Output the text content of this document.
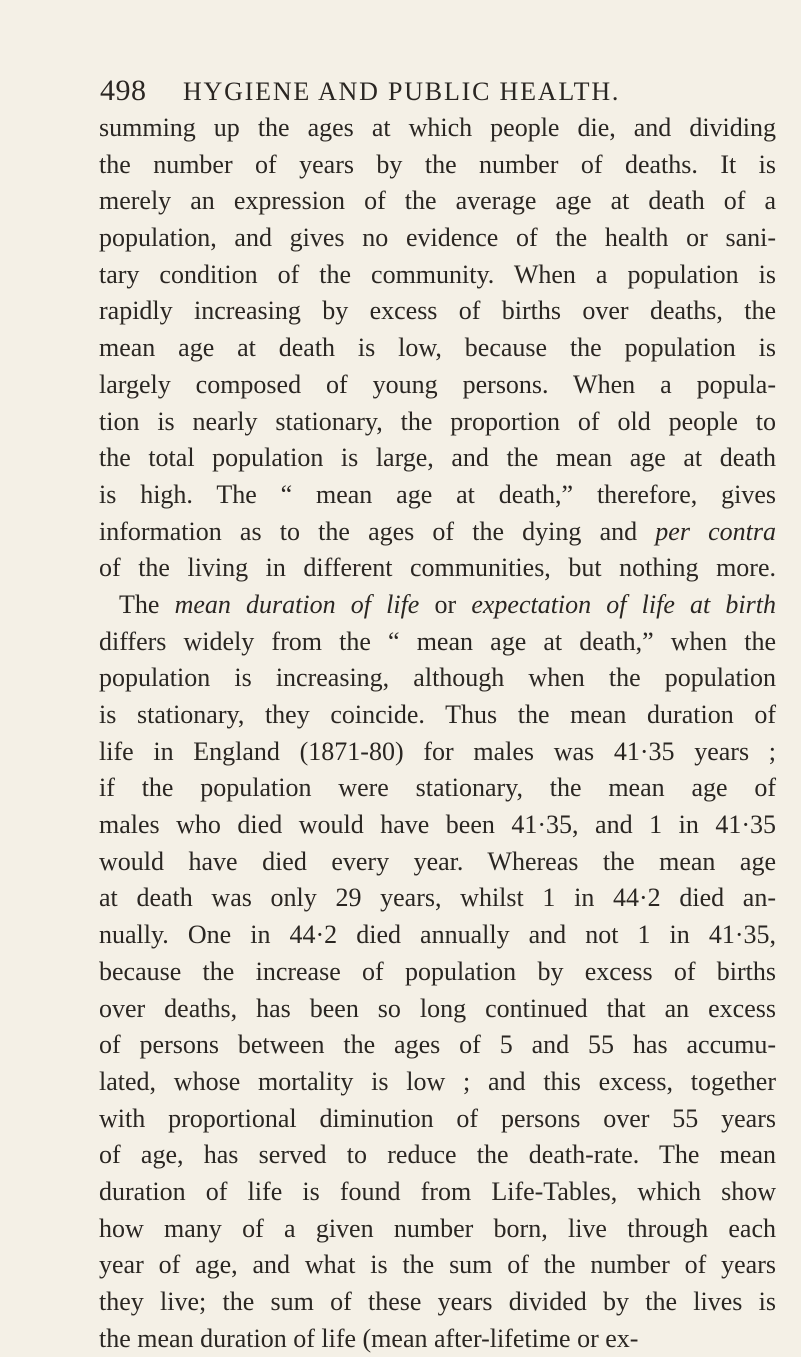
498 HYGIENE AND PUBLIC HEALTH.
summing up the ages at which people die, and dividing
the number of years by the number of deaths. It is
merely an expression of the average age at death of a
population, and gives no evidence of the health or sani-
tary condition of the community. When a population is
rapidly increasing by excess of births over deaths, the
mean age at death is low, because the population is
largely composed of young persons. When a popula-
tion is nearly stationary, the proportion of old people to
the total population is large, and the mean age at death
is high. The “ mean age at death,” therefore, gives
information as to the ages of the dying and per contra
of the living in different communities, but nothing more.
The mean duration of life or expectation of life at birth
differs widely from the “ mean age at death,” when the
population is increasing, although when the population
is stationary, they coincide. Thus the mean duration of
life in England (1871-80) for males was 41·35 years ;
if the population were stationary, the mean age of
males who died would have been 41·35, and 1 in 41·35
would have died every year. Whereas the mean age
at death was only 29 years, whilst 1 in 44·2 died an-
nually. One in 44·2 died annually and not 1 in 41·35,
because the increase of population by excess of births
over deaths, has been so long continued that an excess
of persons between the ages of 5 and 55 has accumu-
lated, whose mortality is low ; and this excess, together
with proportional diminution of persons over 55 years
of age, has served to reduce the death-rate. The mean
duration of life is found from Life-Tables, which show
how many of a given number born, live through each
year of age, and what is the sum of the number of years
they live; the sum of these years divided by the lives is
the mean duration of life (mean after-lifetime or ex-
